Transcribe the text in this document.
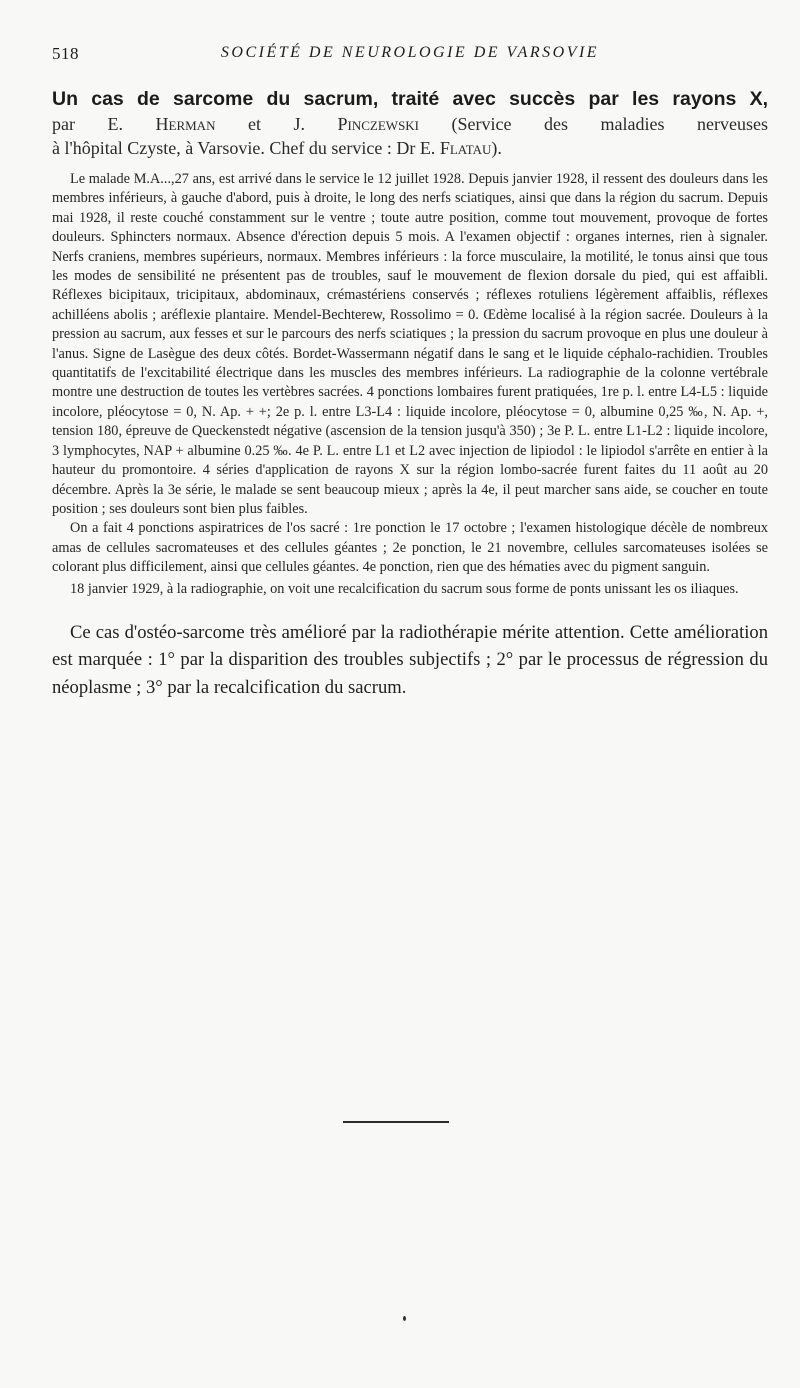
518	SOCIÉTÉ DE NEUROLOGIE DE VARSOVIE
Un cas de sarcome du sacrum, traité avec succès par les rayons X,
par E. Herman et J. Pinczewski (Service des maladies nerveuses
à l'hôpital Czyste, à Varsovie. Chef du service : Dr E. Flatau).

Le malade M.A...,27 ans, est arrivé dans le service le 12 juillet 1928. Depuis janvier 1928, il ressent des douleurs dans les membres inférieurs, à gauche d'abord, puis à droite, le long des nerfs sciatiques, ainsi que dans la région du sacrum. Depuis mai 1928, il reste couché constamment sur le ventre ; toute autre position, comme tout mouvement, provoque de fortes douleurs. Sphincters normaux. Absence d'érection depuis 5 mois. A l'examen objectif : organes internes, rien à signaler. Nerfs craniens, membres supérieurs, normaux. Membres inférieurs : la force musculaire, la motilité, le tonus ainsi que tous les modes de sensibilité ne présentent pas de troubles, sauf le mouvement de flexion dorsale du pied, qui est affaibli. Réflexes bicipitaux, tricipitaux, abdominaux, crémastériens conservés ; réflexes rotuliens légèrement affaiblis, réflexes achilléens abolis ; aréflexie plantaire. Mendel-Bechterew, Rossolimo = 0. Œdème localisé à la région sacrée. Douleurs à la pression au sacrum, aux fesses et sur le parcours des nerfs sciatiques ; la pression du sacrum provoque en plus une douleur à l'anus. Signe de Lasègue des deux côtés. Bordet-Wassermann négatif dans le sang et le liquide céphalo-rachidien. Troubles quantitatifs de l'excitabilité électrique dans les muscles des membres inférieurs. La radiographie de la colonne vertébrale montre une destruction de toutes les vertèbres sacrées. 4 ponctions lombaires furent pratiquées, 1re p. l. entre L4-L5 : liquide incolore, pléocytose = 0, N. Ap. + +; 2e p. l. entre L3-L4 : liquide incolore, pléocytose = 0, albumine 0,25 ‰, N. Ap. +, tension 180, épreuve de Queckenstedt négative (ascension de la tension jusqu'à 350) ; 3e P. L. entre L1-L2 : liquide incolore, 3 lymphocytes, NAP + albumine 0.25 ‰. 4e P. L. entre L1 et L2 avec injection de lipiodol : le lipiodol s'arrête en entier à la hauteur du promontoire. 4 séries d'application de rayons X sur la région lombo-sacrée furent faites du 11 août au 20 décembre. Après la 3e série, le malade se sent beaucoup mieux ; après la 4e, il peut marcher sans aide, se coucher en toute position ; ses douleurs sont bien plus faibles.

On a fait 4 ponctions aspiratrices de l'os sacré : 1re ponction le 17 octobre ; l'examen histologique décèle de nombreux amas de cellules sacromateuses et des cellules géantes ; 2e ponction, le 21 novembre, cellules sarcomateuses isolées se colorant plus difficilement, ainsi que cellules géantes. 4e ponction, rien que des hématies avec du pigment sanguin.

18 janvier 1929, à la radiographie, on voit une recalcification du sacrum sous forme de ponts unissant les os iliaques.

Ce cas d'ostéo-sarcome très amélioré par la radiothérapie mérite attention. Cette amélioration est marquée : 1° par la disparition des troubles subjectifs ; 2° par le processus de régression du néoplasme ; 3° par la recalcification du sacrum.
